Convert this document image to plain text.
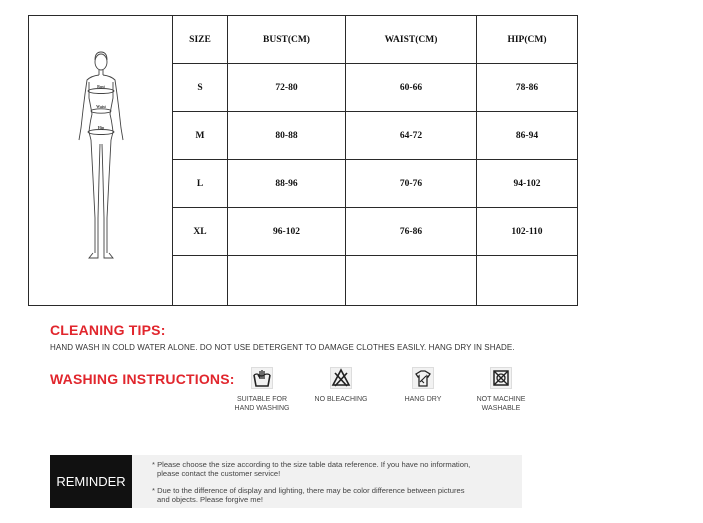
Bust
Waist
Hip	SIZE	BUST(CM)	WAIST(CM)	HIP(CM)
	S	72-80	60-66	78-86
	M	80-88	64-72	86-94
	L	88-96	70-76	94-102
	XL	96-102	76-86	102-110

CLEANING TIPS:
HAND WASH IN COLD WATER ALONE. DO NOT USE DETERGENT TO DAMAGE CLOTHES EASILY. HANG DRY IN SHADE.
WASHING INSTRUCTIONS:
SUITABLE FOR
HAND WASHING
NO BLEACHING	HANG DRY	NOT MACHINE
WASHABLE
REMINDER
* Please choose the size according to the size table data reference. If you have no information,
please contact the customer service!
* Due to the difference of display and lighting, there may be color difference between pictures
and objects. Please forgive me!
